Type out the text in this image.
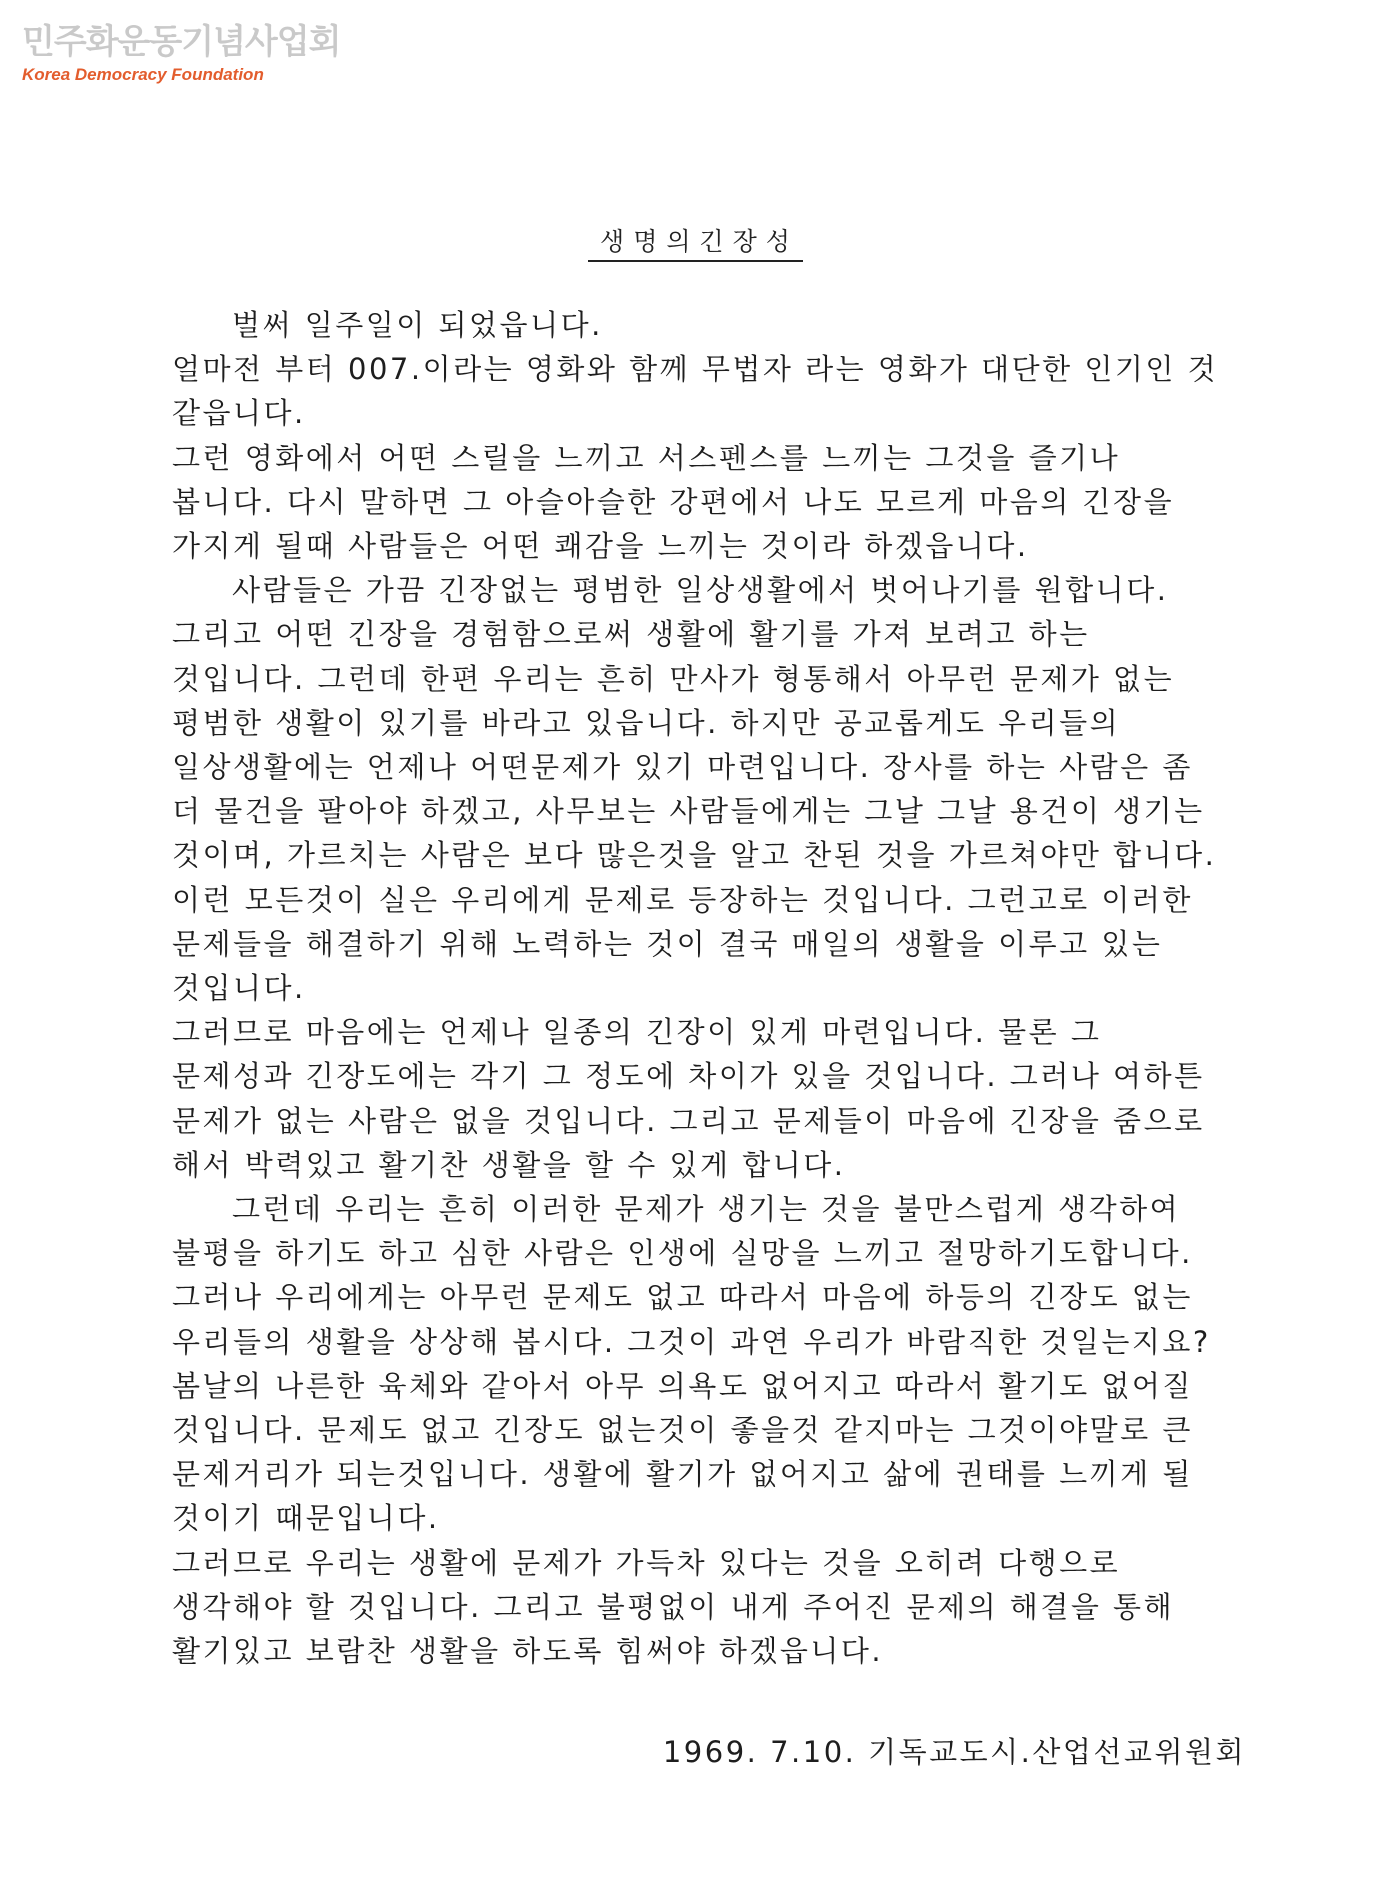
민주화운동기념사업회
Korea Democracy Foundation
생명의긴장성

벌써 일주일이 되었읍니다.

얼마전 부터 007.이라는 영화와 함께 무법자 라는 영화가 대단한 인기인 것 같읍니다.

그런 영화에서 어떤 스릴을 느끼고 서스펜스를 느끼는 그것을 즐기나 봅니다. 다시 말하면 그 아슬아슬한 강편에서 나도 모르게 마음의 긴장을 가지게 될때 사람들은 어떤 쾌감을 느끼는 것이라 하겠읍니다.

사람들은 가끔 긴장없는 평범한 일상생활에서 벗어나기를 원합니다. 그리고 어떤 긴장을 경험함으로써 생활에 활기를 가져 보려고 하는 것입니다. 그런데 한편 우리는 흔히 만사가 형통해서 아무런 문제가 없는 평범한 생활이 있기를 바라고 있읍니다. 하지만 공교롭게도 우리들의 일상생활에는 언제나 어떤문제가 있기 마련입니다. 장사를 하는 사람은 좀 더 물건을 팔아야 하겠고, 사무보는 사람들에게는 그날 그날 용건이 생기는 것이며, 가르치는 사람은 보다 많은것을 알고 찬된 것을 가르쳐야만 합니다. 이런 모든것이 실은 우리에게 문제로 등장하는 것입니다. 그런고로 이러한 문제들을 해결하기 위해 노력하는 것이 결국 매일의 생활을 이루고 있는 것입니다.

그러므로 마음에는 언제나 일종의 긴장이 있게 마련입니다. 물론 그 문제성과 긴장도에는 각기 그 정도에 차이가 있을 것입니다. 그러나 여하튼 문제가 없는 사람은 없을 것입니다. 그리고 문제들이 마음에 긴장을 줌으로 해서 박력있고 활기찬 생활을 할 수 있게 합니다.

그런데 우리는 흔히 이러한 문제가 생기는 것을 불만스럽게 생각하여 불평을 하기도 하고 심한 사람은 인생에 실망을 느끼고 절망하기도합니다. 그러나 우리에게는 아무런 문제도 없고 따라서 마음에 하등의 긴장도 없는 우리들의 생활을 상상해 봅시다. 그것이 과연 우리가 바람직한 것일는지요? 봄날의 나른한 육체와 같아서 아무 의욕도 없어지고 따라서 활기도 없어질 것입니다. 문제도 없고 긴장도 없는것이 좋을것 같지마는 그것이야말로 큰 문제거리가 되는것입니다. 생활에 활기가 없어지고 삶에 권태를 느끼게 될 것이기 때문입니다.

그러므로 우리는 생활에 문제가 가득차 있다는 것을 오히려 다행으로 생각해야 할 것입니다. 그리고 불평없이 내게 주어진 문제의 해결을 통해 활기있고 보람찬 생활을 하도록 힘써야 하겠읍니다.

1969. 7.10. 기독교도시.산업선교위원회
